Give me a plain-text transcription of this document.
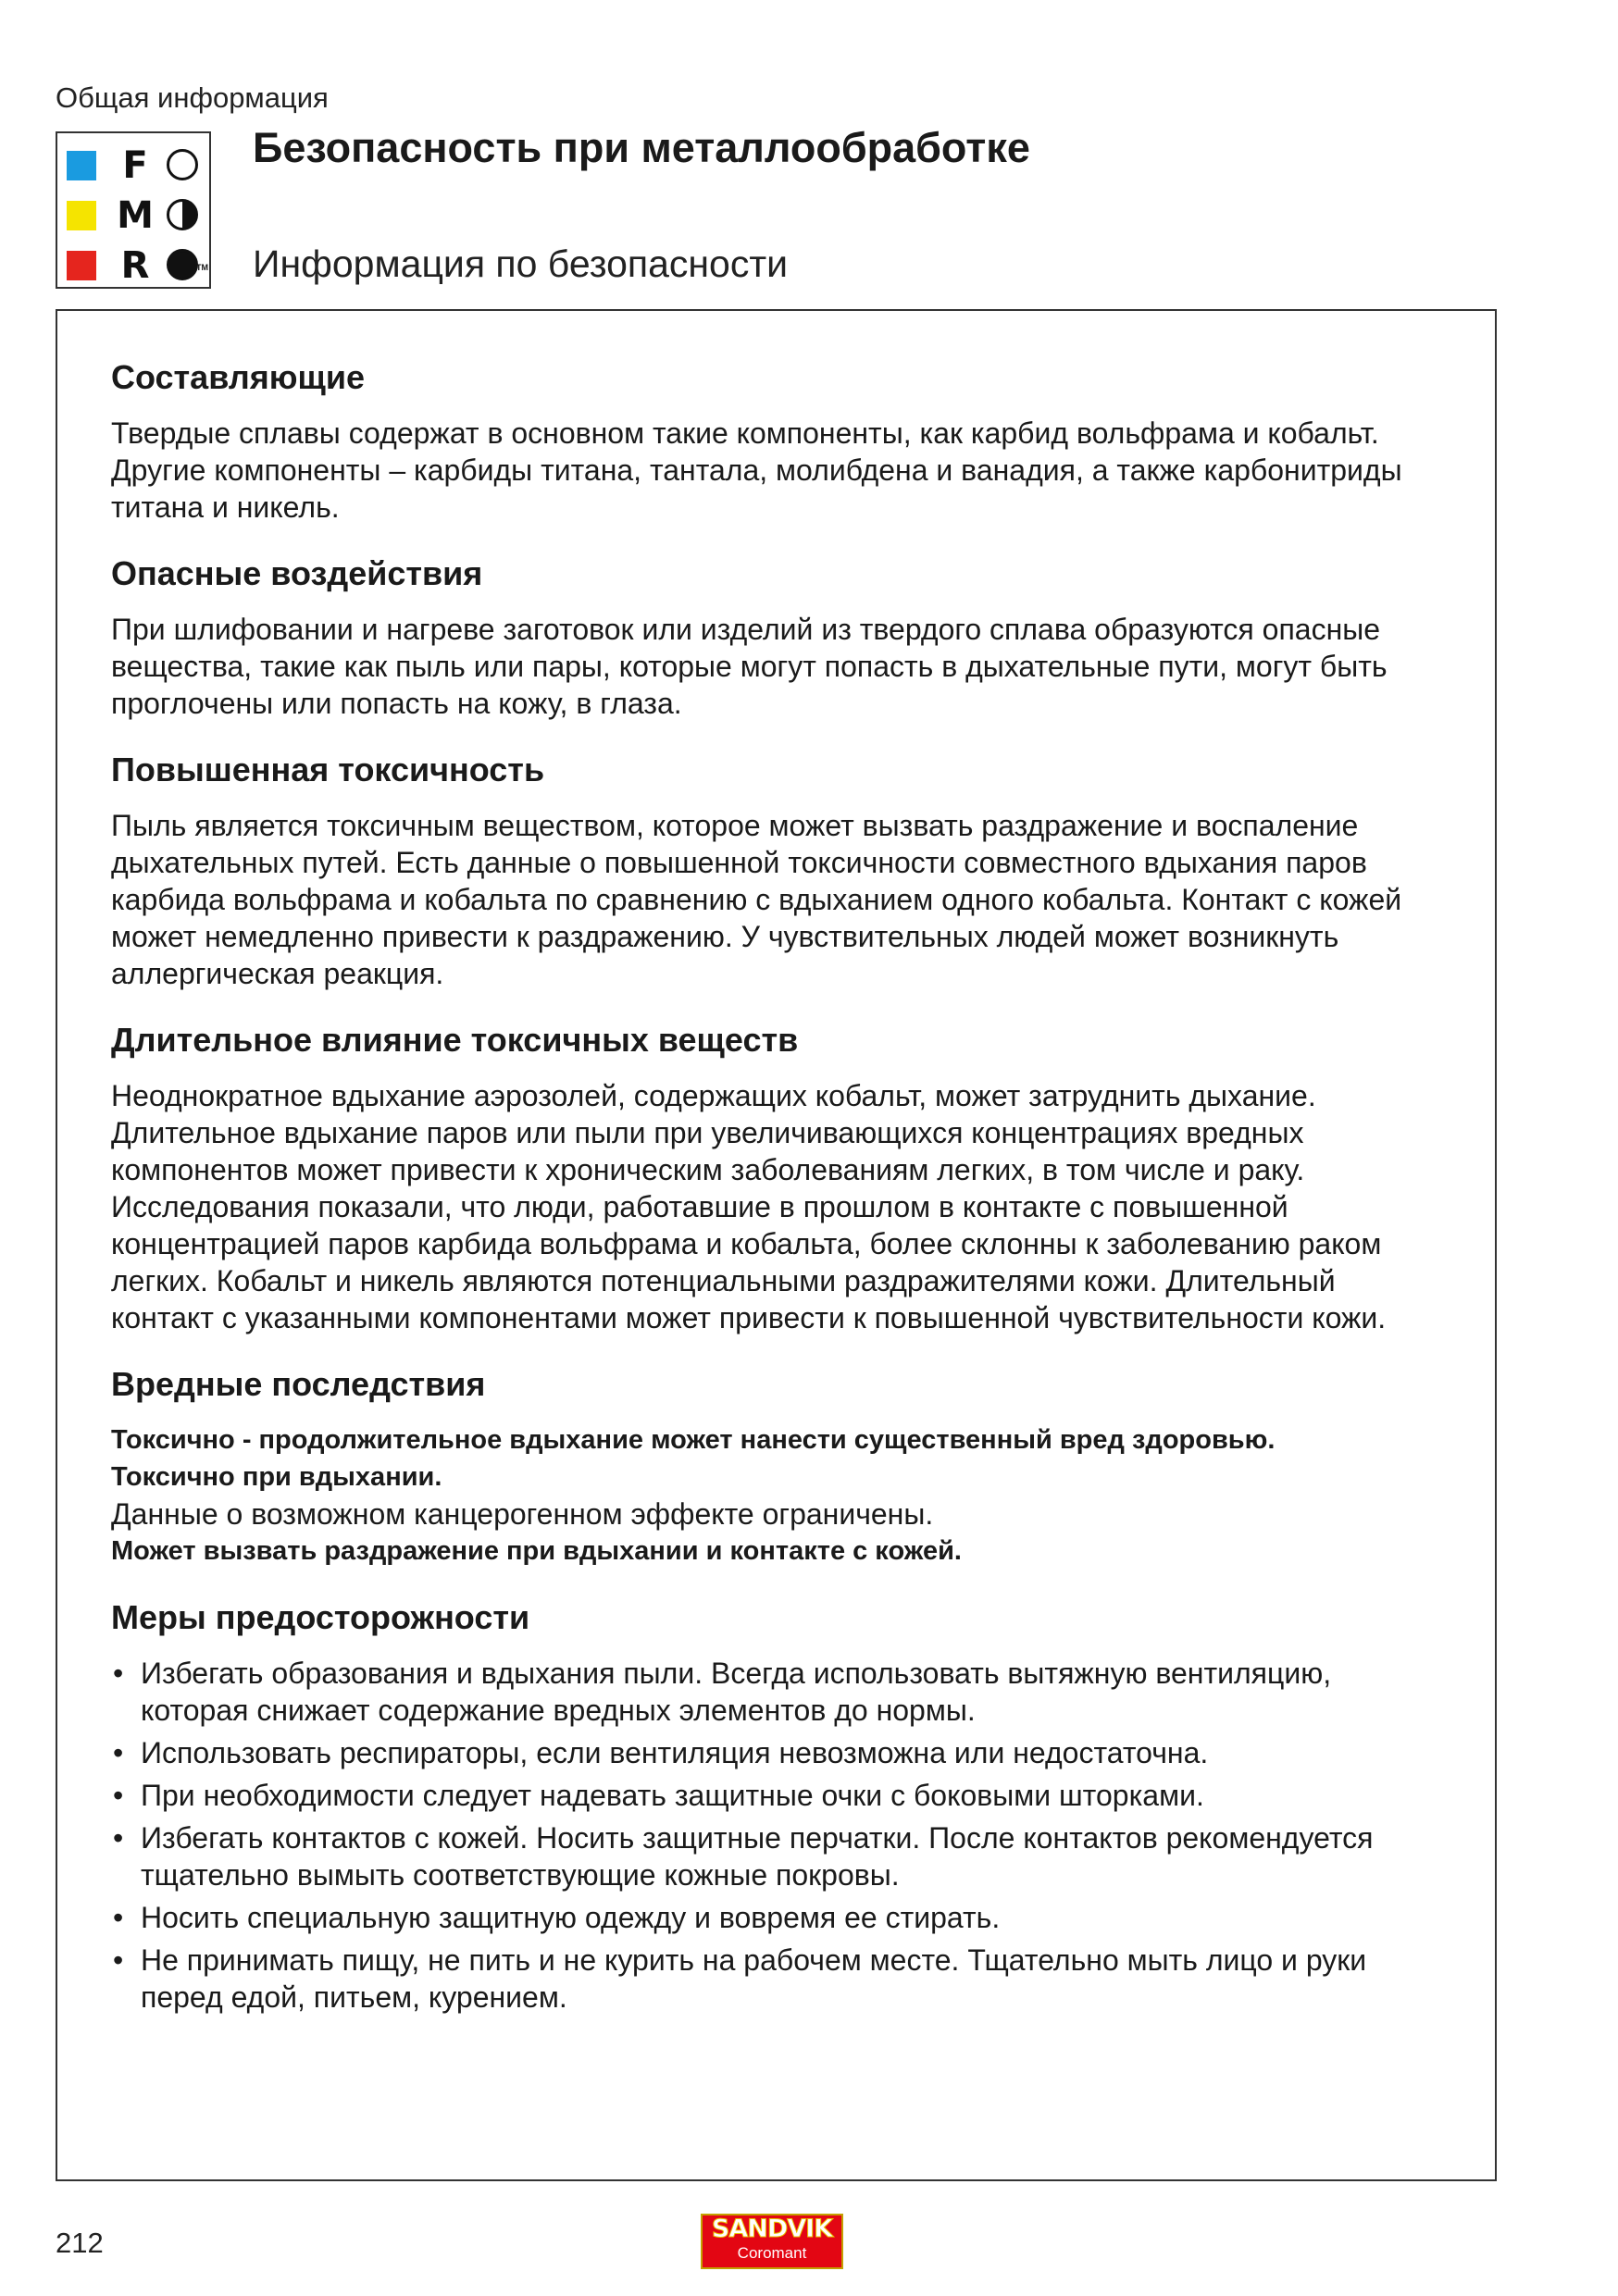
Общая информация
F
M
R	TM
Безопасность при металлообработке
Информация по безопасности
Составляющие

Твердые сплавы содержат в основном такие компоненты, как карбид вольфрама и кобальт. Другие компоненты – карбиды титана, тантала, молибдена и ванадия, а также карбонитриды титана и никель.

Опасные воздействия

При шлифовании и нагреве заготовок или изделий из твердого сплава образуются опасные вещества, такие как пыль или пары, которые могут попасть в дыхательные пути, могут быть проглочены или попасть на кожу, в глаза.

Повышенная токсичность

Пыль является токсичным веществом, которое может вызвать раздражение и воспаление дыхательных путей. Есть данные о повышенной токсичности совместного вдыхания паров карбида вольфрама и кобальта по сравнению с вдыханием одного кобальта. Контакт с кожей может немедленно привести к раздражению. У чувствительных людей может возникнуть аллергическая реакция.

Длительное влияние токсичных веществ

Неоднократное вдыхание аэрозолей, содержащих кобальт, может затруднить дыхание. Длительное вдыхание паров или пыли при увеличивающихся концентрациях вредных компонентов может привести к хроническим заболеваниям легких, в том числе и раку. Исследования показали, что люди, работавшие в прошлом в контакте с повышенной концентрацией паров карбида вольфрама и кобальта, более склонны к заболеванию раком легких. Кобальт и никель являются потенциальными раздражителями кожи. Длительный контакт с указанными компонентами может привести к повышенной чувствительности кожи.

Вредные последствия

Токсично - продолжительное вдыхание может нанести существенный вред здоровью.

Токсично при вдыхании.

Данные о возможном канцерогенном эффекте ограничены.

Может вызвать раздражение при вдыхании и контакте с кожей.

Меры предосторожности
• Избегать образования и вдыхания пыли. Всегда использовать вытяжную вентиляцию, которая снижает содержание вредных элементов до нормы.
• Использовать респираторы, если вентиляция невозможна или недостаточна.
• При необходимости следует надевать защитные очки с боковыми шторками.
• Избегать контактов с кожей. Носить защитные перчатки. После контактов рекомендуется тщательно вымыть соответствующие кожные покровы.
• Носить специальную защитную одежду и вовремя ее стирать.
• Не принимать пищу, не пить и не курить на рабочем месте. Тщательно мыть лицо и руки перед едой, питьем, курением.
212	SANDVIK
Coromant
